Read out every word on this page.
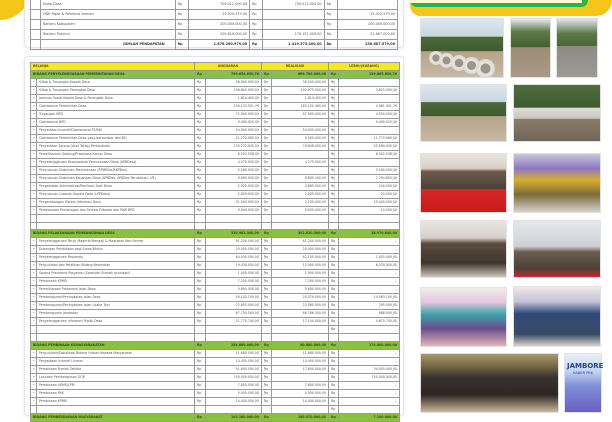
	Dana Desa	Rp	709.012.000,00	Rp	709.012.000,00	Rp	-
	DBH Pajak & Retribusi Daerah	Rp	25.020.579,00	Rp	-	Rp	25.020.579,00
	Bankeu Kabupaten	Rp	200.000.000,00	Rp	-	Rp	200.000.000,00
	Bankeu Provinsi	Rp	209.819.000,00	Rp	178.152.000,00	Rp	31.667.000,00
	JUMLAH PENDAPATAN	Rp	1.676.260.979,00	Rp	1.419.573.400,00	Rp	256.687.579,00
BELANJA		ANGGARAN		REALISASI		LEBIH/(KURANG)	
BIDANG PENYELENGGARAAN PEMERINTAHAN DESA		Rp	799.654.630,76	Rp	669.789.000,00	Rp	129.865.630,76
•	Siltap & Tunjangan Kepala Desa	Rp	36.000.000,00	Rp	36.000.000,00	Rp	-
•	Siltap & Tunjangan Perangkat Desa	Rp	196.800.000,00	Rp	192.975.000,00	Rp	3.825.000,00
•	Jaminan Sosial Kepala Desa & Perangkat Desa	Rp	1.814.400,00	Rp	1.814.400,00	Rp	-
•	Operasional Pemerintah Desa	Rp	190.133.551,76	Rp	185.152.460,00	Rp	4.981.091,76
•	Tunjangan BPD	Rp	72.000.000,00	Rp	67.500.000,00	Rp	4.500.000,00
•	Operasional BPD	Rp	9.490.020,00	Rp	-	Rp	9.490.020,00
•	Penyediaan Insentif/Operasional RT/RW	Rp	54.000.000,00	Rp	54.000.000,00	Rp	-
•	Operasional Pemerintah Desa yang bersumber dari BD	Rp	21.270.060,00	Rp	9.500.000,00	Rp	11.770.060,00
•	Penyediaan Sarana (Aset Tetap) Perkantoran	Rp	135.232.945,00	Rp	79.648.000,00	Rp	55.584.945,00
•	Pemeliharaan Gedung/Prasarana Kantor Desa	Rp	8.502.538,00	Rp	-	Rp	8.502.538,00
•	Penyelenggaraan Musyawarah Perencanaan Desa (APBDesa)	Rp	4.275.000,00	Rp	4.275.000,00	Rp	-
•	Penyusunan Dokumen Perencanaan (RPJMDes/RKPDes)	Rp	5.160.000,00	Rp	-	Rp	5.160.000,00
•	Penyusunan Dokumen Keuangan Desa (APBDes, APBDes Perubahan, LPJ)	Rp	9.690.000,00	Rp	6.895.200,00	Rp	2.794.800,00
•	Pengelolaan Administrasi/Penilaian Aset Desa	Rp	2.925.000,00	Rp	2.685.000,00	Rp	240.000,00
•	Penyusunan Laporan Kepala Desa (LPPDesa)	Rp	2.829.000,00	Rp	2.809.000,00	Rp	20.000,00
•	Pengembangan Sistem Informasi Desa	Rp	31.500.000,00	Rp	2.100.000,00	Rp	29.400.000,00
•	Pelaksanaan Penjaringan dan Seleksi Pilkades dan PAW BPD	Rp	9.040.000,00	Rp	9.030.000,00	Rp	10.000,00

BIDANG PELAKSANAAN PEMBANGUNAN DESA		Rp	330.981.340,00	Rp	302.010.500,00	Rp	28.970.840,00
•	Penyelenggaraan Paud, Maghrib Mengaji & Madrasah Non Formal	Rp	61.200.000,00	Rp	61.200.000,00	Rp	-
•	Dukungan Pendidikan bagi Siswa Miskin	Rp	20.000.000,00	Rp	20.000.000,00	Rp	-
•	Penyelenggaraan Posyandu	Rp	64.030.000,00	Rp	62.105.000,00	Rp	1.925.000,00
•	Penyuluhan dan Pelatihan Bidang Kesehatan	Rp	19.430.000,00	Rp	12.900.000,00	Rp	6.530.000,00
•	Sarana Prasarana Posyandu (Sparsilah Rumah Imunisasi)	Rp	1.000.000,00	Rp	1.000.000,00	Rp	-
•	Pembinaan KPMD	Rp	7.200.000,00	Rp	7.200.000,00	Rp	-
•	Pemeliharaan Prasarana Jalan Desa	Rp	5.600.000,00	Rp	5.600.000,00	Rp	-
•	Pembangunan/Peningkatan Jalan Desa	Rp	40.142.100,00	Rp	25.579.000,00	Rp	14.563.100,00
•	Pembangunan/Peningkatan Jalan Usaha Tani	Rp	22.855.000,00	Rp	22.560.000,00	Rp	295.000,00
•	Pembangunan Jembatan	Rp	67.754.500,00	Rp	66.766.500,00	Rp	988.000,00
•	Penyelenggaraan Informasi Publik Desa	Rp	21.770.740,00	Rp	17.100.000,00	Rp	4.670.740,00
						Rp	

BIDANG PEMBINAAN KEMASYARAKATAN		Rp	254.880.000,00	Rp	80.880.000,00	Rp	174.000.000,00
•	Penyuluhan/Sosialisasi Bidang Hukum Kepada Masyarakat	Rp	11.680.000,00	Rp	11.680.000,00	Rp	-
•	Penyediaan Insentif Linmas	Rp	14.400.000,00	Rp	14.400.000,00	Rp	-
•	Pembinaan Rumah Tahfidz	Rp	51.600.000,00	Rp	17.600.000,00	Rp	34.000.000,00
•	Lanjutan Pembangunan GOR	Rp	150.000.000,00	Rp	-	Rp	150.000.000,00
•	Pembinaan UKMS/LPM	Rp	7.800.000,00	Rp	7.800.000,00	Rp	-
•	Pembinaan PKK	Rp	5.000.000,00	Rp	5.000.000,00	Rp	-
•	Pembinaan KPMB	Rp	14.400.000,00	Rp	14.400.000,00	Rp	-
						Rp	
BIDANG PEMBERDAYAAN MASYARAKAT		Rp	193.160.000,00	Rp	185.970.000,00	Rp	7.190.000,00
JAMBORE
KADER PKK
